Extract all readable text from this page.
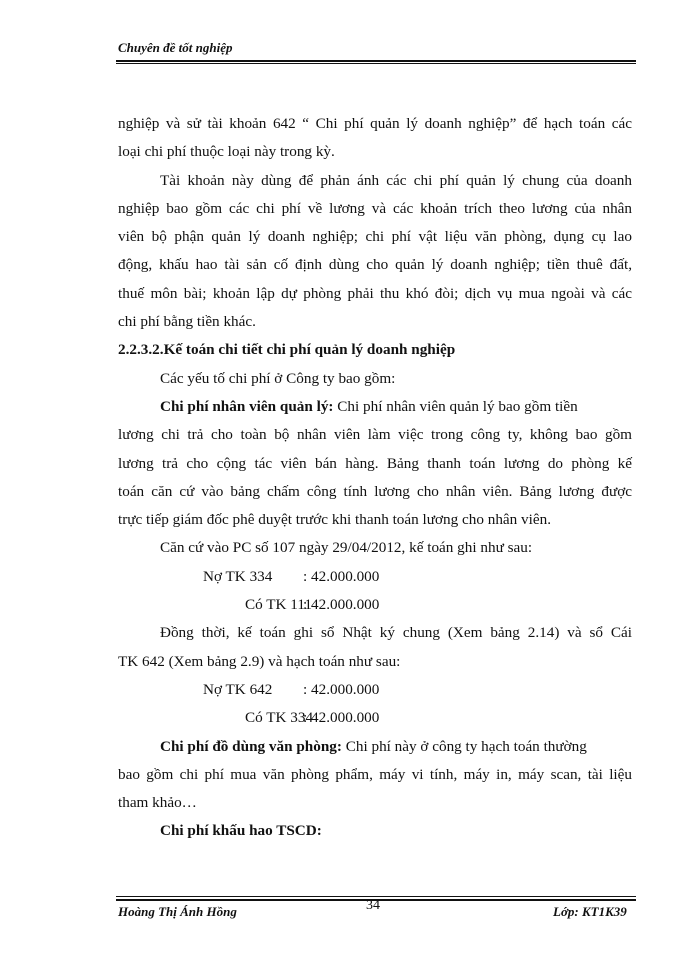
Chuyên đề tốt nghiệp
nghiệp và sử tài khoản 642 “ Chi phí quản lý doanh nghiệp” để hạch toán các
loại chi phí thuộc loại này trong kỳ.
Tài khoản này dùng để phản ánh các chi phí quản lý chung của doanh
nghiệp bao gồm các chi phí về lương và các khoản trích theo lương của nhân
viên bộ phận quản lý doanh nghiệp; chi phí vật liệu văn phòng, dụng cụ lao
động, khấu hao tài sản cố định dùng cho quản lý doanh nghiệp; tiền thuê đất,
thuế môn bài; khoản lập dự phòng phải thu khó đòi; dịch vụ mua ngoài và các
chi phí bằng tiền khác.
2.2.3.2.Kế toán chi tiết chi phí quản lý doanh nghiệp
Các yếu tố chi phí ở Công ty bao gồm:
Chi phí nhân viên quản lý: Chi phí nhân viên quản lý bao gồm tiền
lương chi trả cho toàn bộ nhân viên làm việc trong công ty, không bao gồm
lương trả cho cộng tác viên bán hàng. Bảng thanh toán lương do phòng kế
toán căn cứ vào bảng chấm công tính lương cho nhân viên. Bảng lương được
trực tiếp giám đốc phê duyệt trước khi thanh toán lương cho nhân viên.
Căn cứ vào PC số 107 ngày 29/04/2012, kế toán ghi như sau:
Nợ TK 334 : 42.000.000
Có TK 111
: 42.000.000
Đồng thời, kế toán ghi sổ Nhật ký chung (Xem bảng 2.14) và sổ Cái
TK 642 (Xem bảng 2.9) và hạch toán như sau:
Nợ TK 642 : 42.000.000
Có TK 334
: 42.000.000
Chi phí đồ dùng văn phòng: Chi phí này ở công ty hạch toán thường
bao gồm chi phí mua văn phòng phẩm, máy vi tính, máy in, máy scan, tài liệu
tham khảo…
Chi phí khấu hao TSCD:
Hoàng Thị Ánh Hồng	34	Lớp: KT1K39
